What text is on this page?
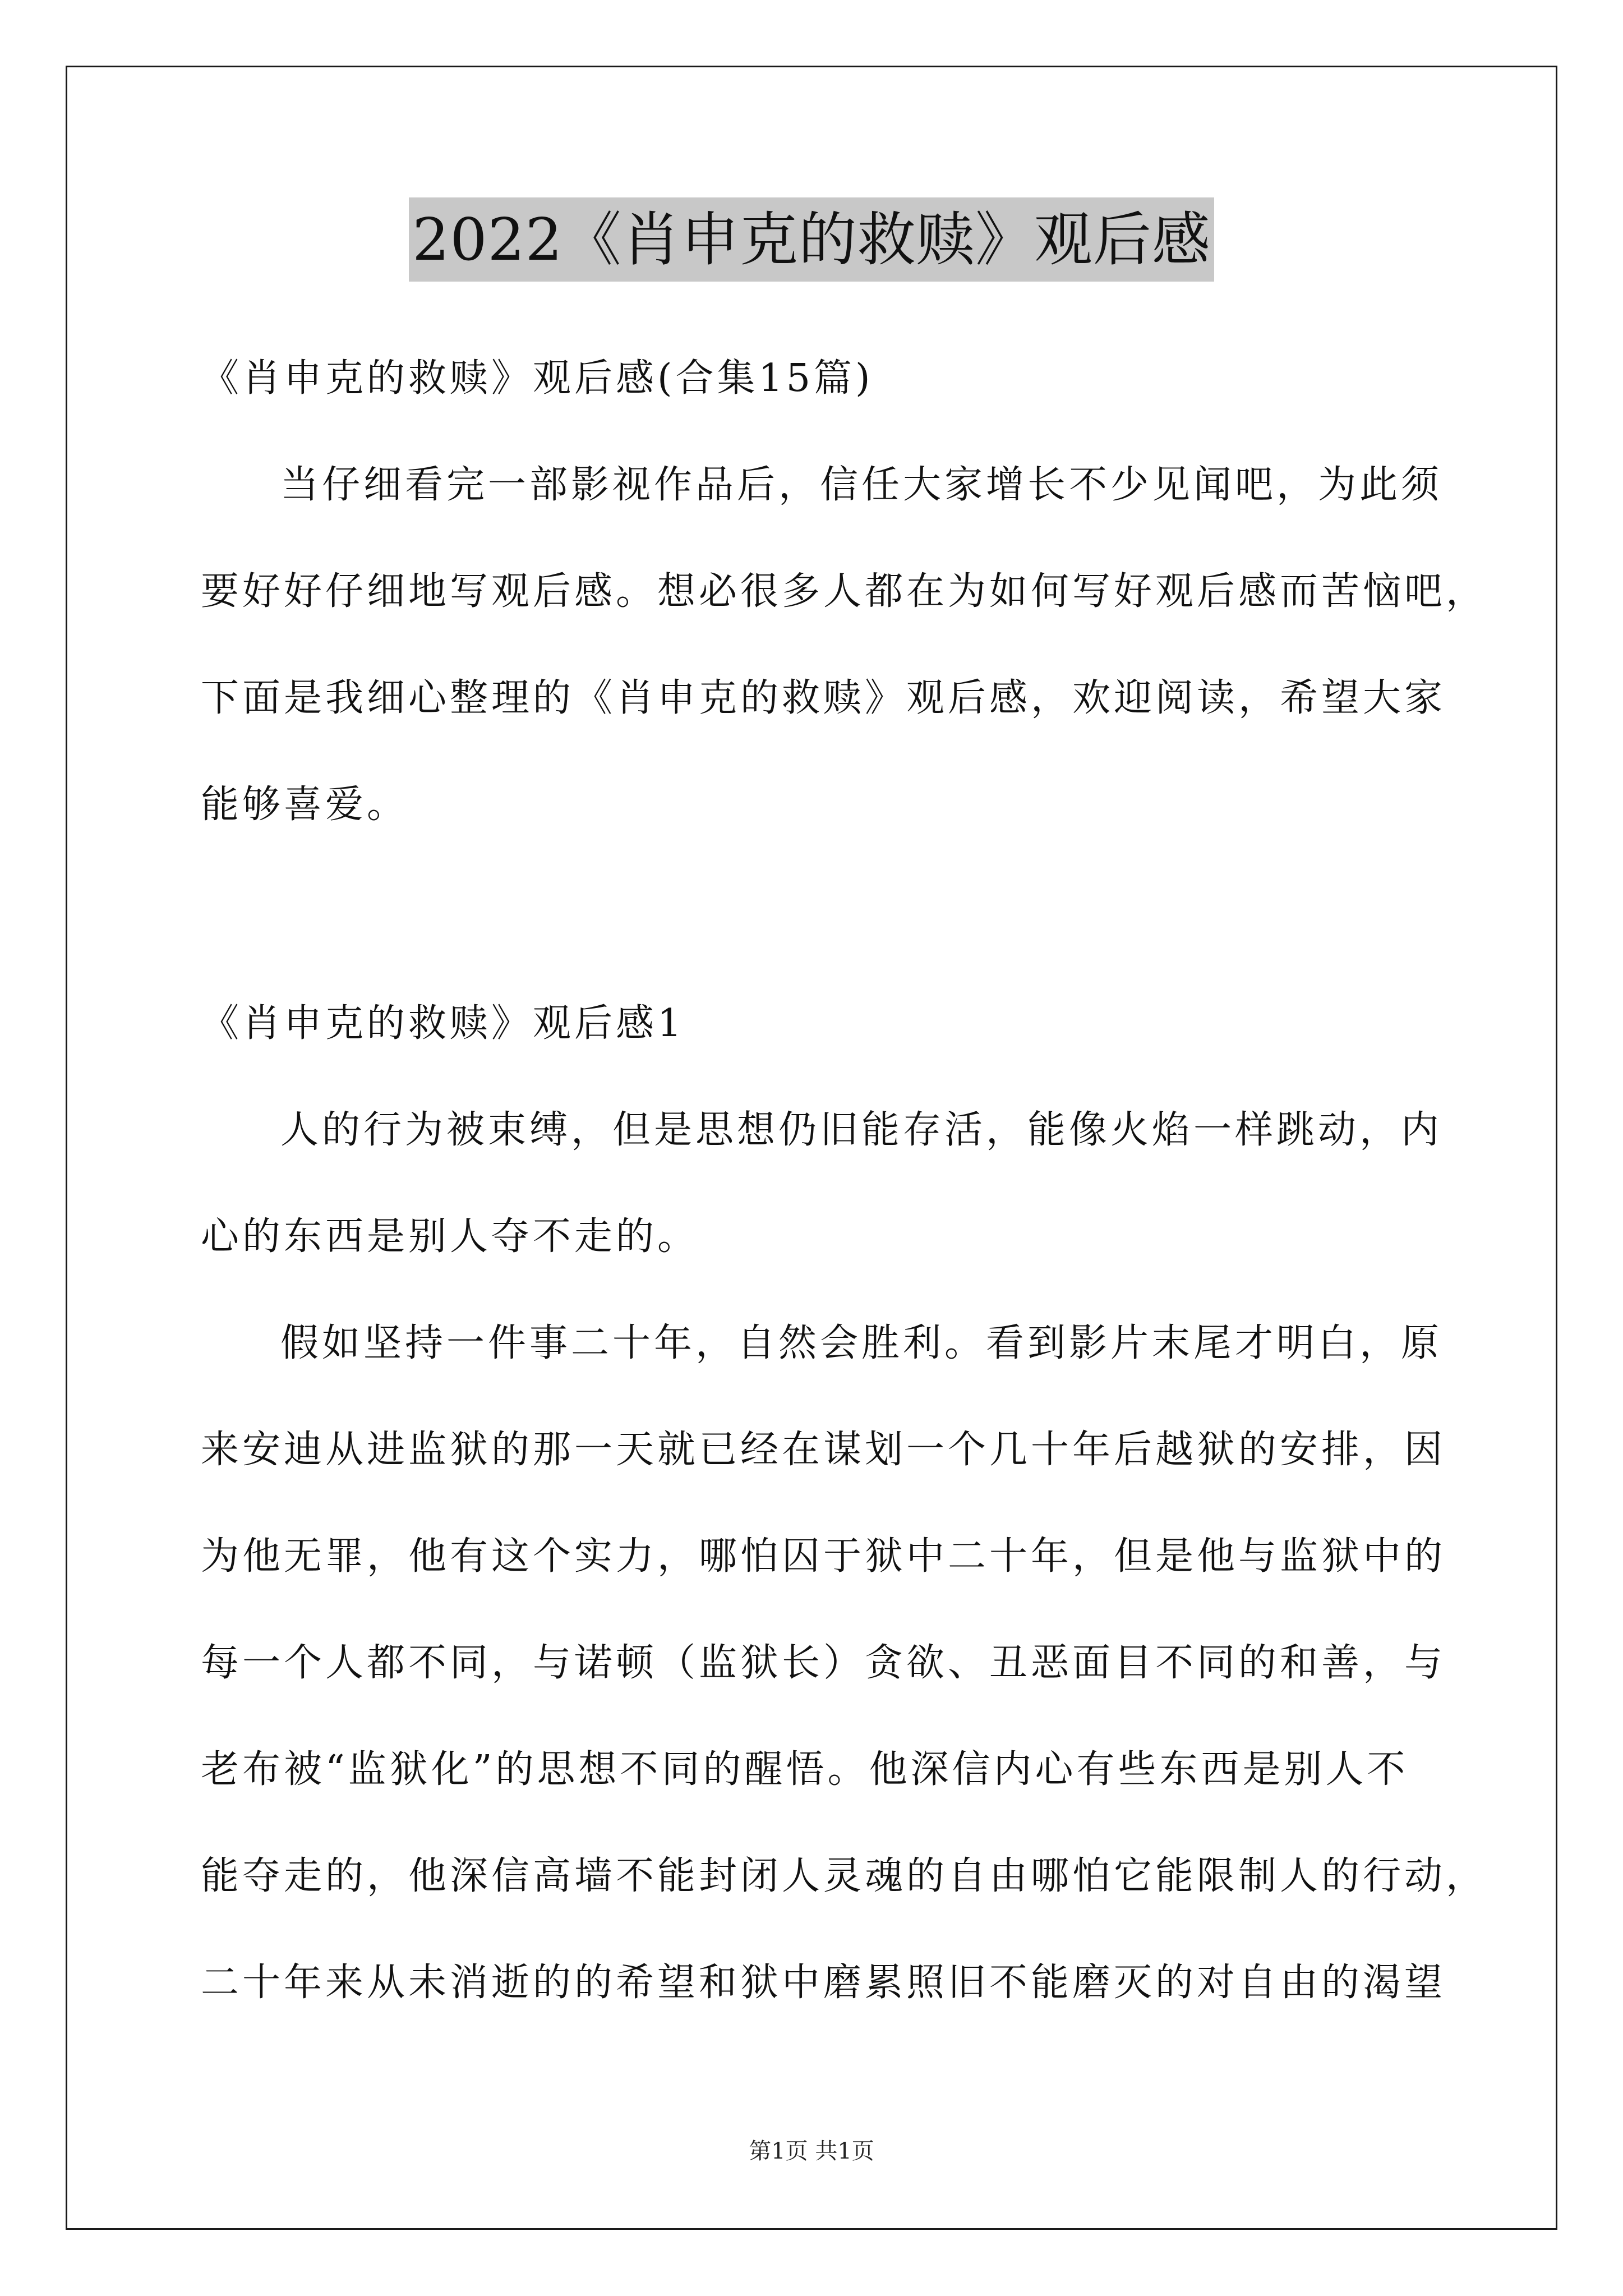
2022《肖申克的救赎》观后感
《肖申克的救赎》观后感(合集15篇)
当仔细看完一部影视作品后，信任大家增长不少见闻吧，为此须
要好好仔细地写观后感。想必很多人都在为如何写好观后感而苦恼吧，
下面是我细心整理的《肖申克的救赎》观后感，欢迎阅读，希望大家
能够喜爱。
《肖申克的救赎》观后感1
人的行为被束缚，但是思想仍旧能存活，能像火焰一样跳动，内
心的东西是别人夺不走的。
假如坚持一件事二十年，自然会胜利。看到影片末尾才明白，原
来安迪从进监狱的那一天就已经在谋划一个几十年后越狱的安排，因
为他无罪，他有这个实力，哪怕囚于狱中二十年，但是他与监狱中的
每一个人都不同，与诺顿（监狱长）贪欲、丑恶面目不同的和善，与
老布被“监狱化”的思想不同的醒悟。他深信内心有些东西是别人不
能夺走的，他深信高墙不能封闭人灵魂的自由哪怕它能限制人的行动，
二十年来从未消逝的的希望和狱中磨累照旧不能磨灭的对自由的渴望
第1页 共1页
